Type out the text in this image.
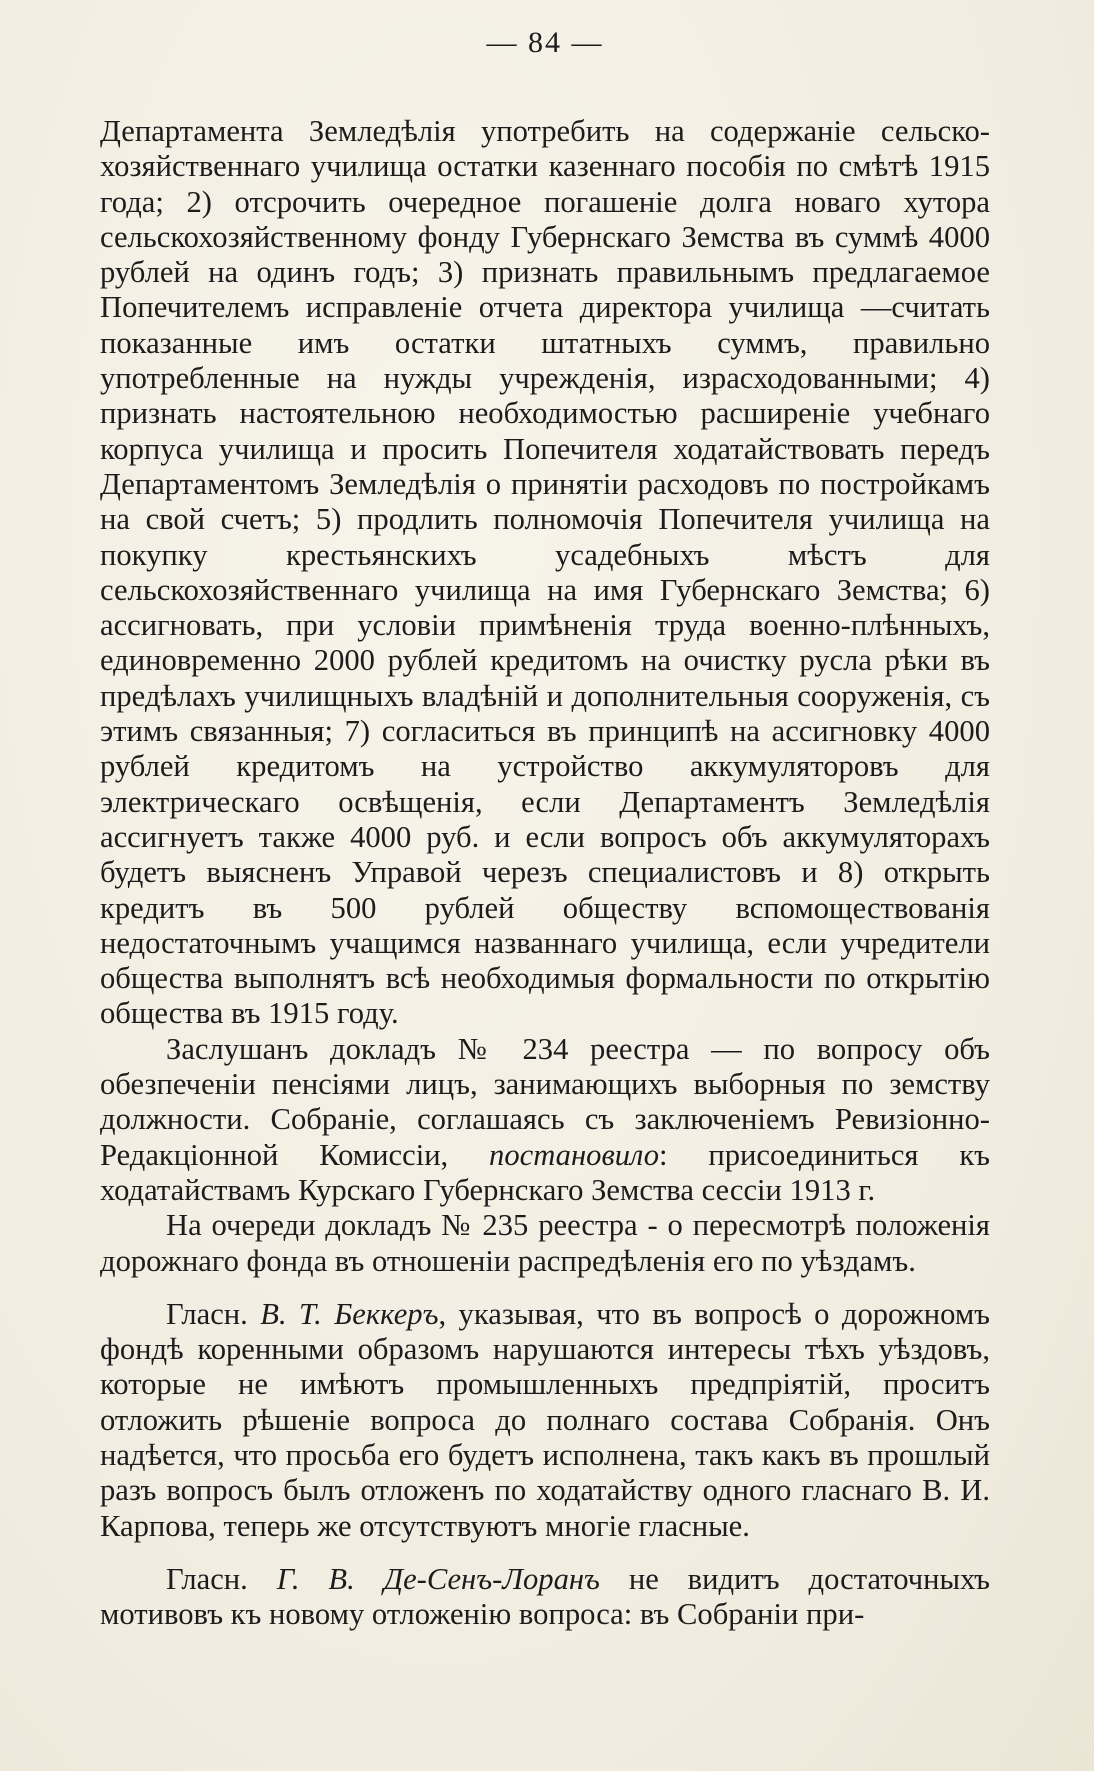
— 84 —

Департамента Земледѣлія употребить на содержаніе сельско-хозяйственнаго училища остатки казеннаго пособія по смѣтѣ 1915 года; 2) отсрочить очередное погашеніе долга новаго хутора сельскохозяйственному фонду Губернскаго Земства въ суммѣ 4000 рублей на одинъ годъ; 3) признать правильнымъ предлагаемое Попечителемъ исправленіе отчета директора училища —считать показанные имъ остатки штатныхъ суммъ, правильно употребленные на нужды учрежденія, израсходованными; 4) признать настоятельною необходимостью расширеніе учебнаго корпуса училища и просить Попечителя ходатайствовать передъ Департаментомъ Земледѣлія о принятіи расходовъ по постройкамъ на свой счетъ; 5) продлить полномочія Попечителя училища на покупку крестьянскихъ усадебныхъ мѣстъ для сельскохозяйственнаго училища на имя Губернскаго Земства; 6) ассигновать, при условіи примѣненія труда военно-плѣнныхъ, единовременно 2000 рублей кредитомъ на очистку русла рѣки въ предѣлахъ училищныхъ владѣній и дополнительныя сооруженія, съ этимъ связанныя; 7) согласиться въ принципѣ на ассигновку 4000 рублей кредитомъ на устройство аккумуляторовъ для электрическаго освѣщенія, если Департаментъ Земледѣлія ассигнуетъ также 4000 руб. и если вопросъ объ аккумуляторахъ будетъ выясненъ Управой черезъ специалистовъ и 8) открыть кредитъ въ 500 рублей обществу вспомоществованія недостаточнымъ учащимся названнаго училища, если учредители общества выполнятъ всѣ необходимыя формальности по открытію общества въ 1915 году.

Заслушанъ докладъ № 234 реестра — по вопросу объ обезпеченіи пенсіями лицъ, занимающихъ выборныя по земству должности. Собраніе, соглашаясь съ заключеніемъ Ревизіонно-Редакціонной Комиссіи, постановило: присоединиться къ ходатайствамъ Курскаго Губернскаго Земства сессіи 1913 г.

На очереди докладъ № 235 реестра - о пересмотрѣ положенія дорожнаго фонда въ отношеніи распредѣленія его по уѣздамъ.

Гласн. В. Т. Беккеръ, указывая, что въ вопросѣ о дорожномъ фондѣ коренными образомъ нарушаются интересы тѣхъ уѣздовъ, которые не имѣютъ промышленныхъ предпріятій, проситъ отложить рѣшеніе вопроса до полнаго состава Собранія. Онъ надѣется, что просьба его будетъ исполнена, такъ какъ въ прошлый разъ вопросъ былъ отложенъ по ходатайству одного гласнаго В. И. Карпова, теперь же отсутствуютъ многіе гласные.

Гласн. Г. В. Де-Сенъ-Лоранъ не видитъ достаточныхъ мотивовъ къ новому отложенію вопроса: въ Собраніи при-
